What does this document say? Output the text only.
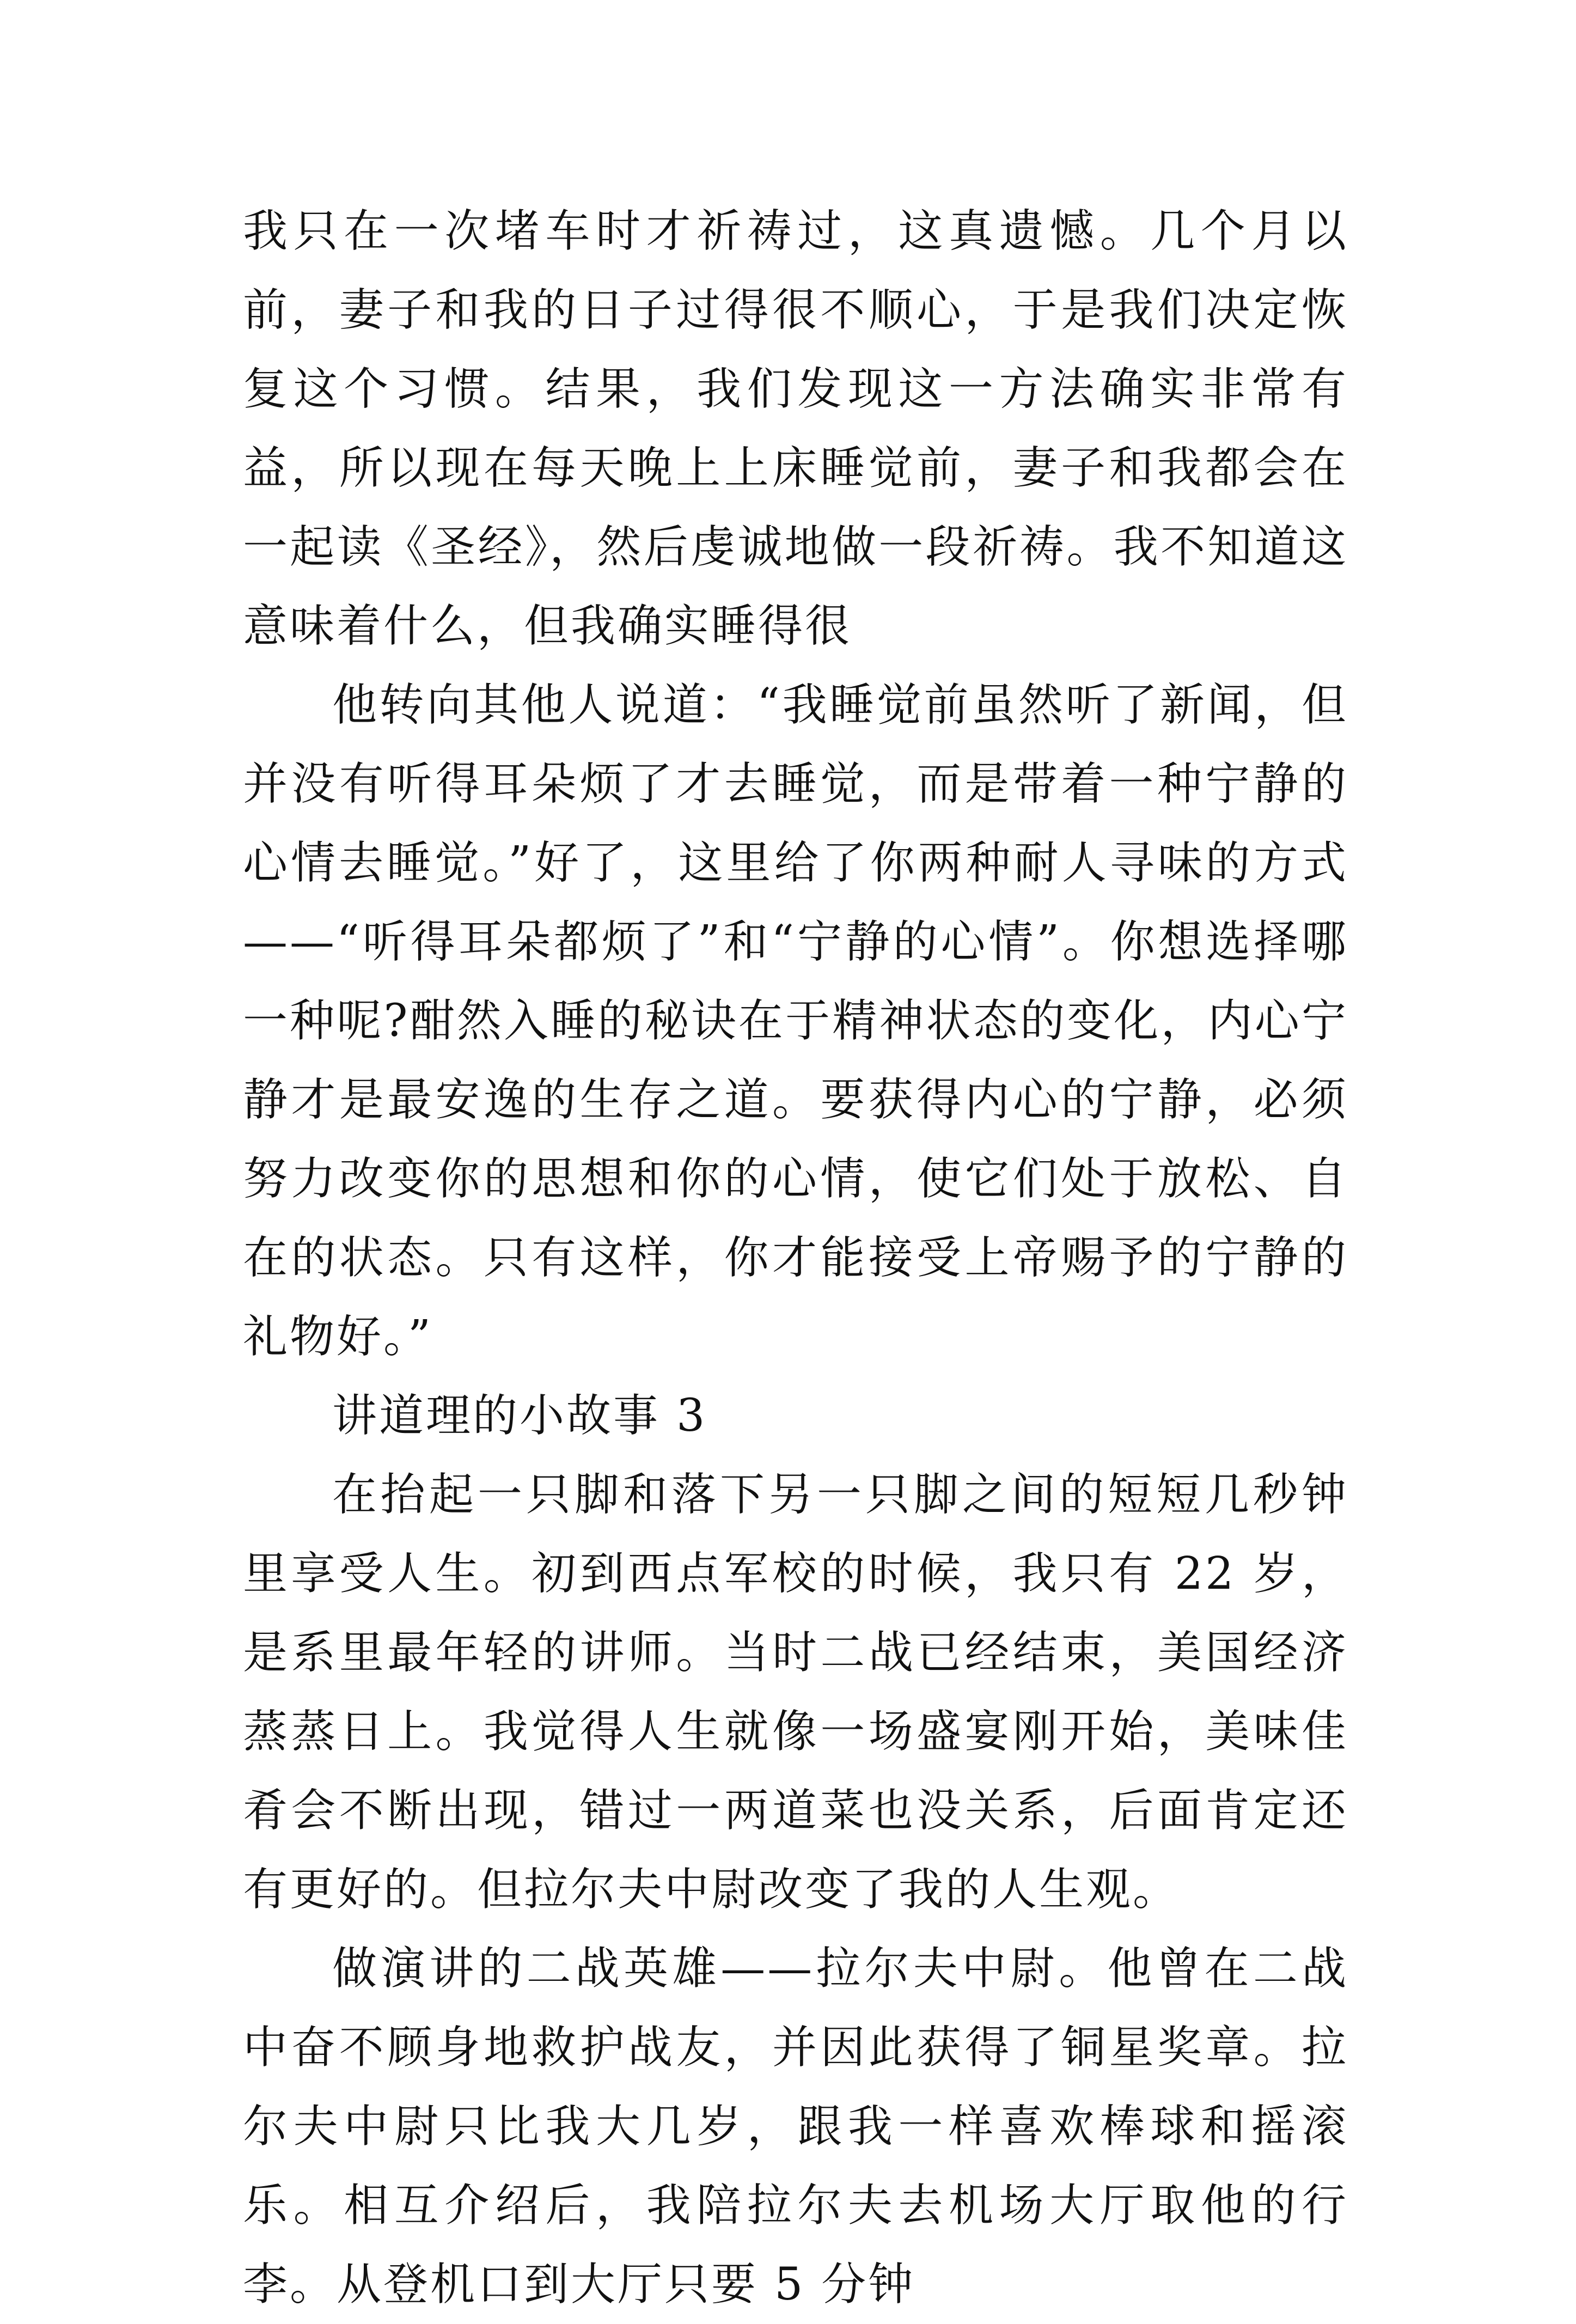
我只在一次堵车时才祈祷过，这真遗憾。几个月以前，妻子和我的日子过得很不顺心，于是我们决定恢复这个习惯。结果，我们发现这一方法确实非常有益，所以现在每天晚上上床睡觉前，妻子和我都会在一起读《圣经》，然后虔诚地做一段祈祷。我不知道这意味着什么，但我确实睡得很

他转向其他人说道：“我睡觉前虽然听了新闻，但并没有听得耳朵烦了才去睡觉，而是带着一种宁静的心情去睡觉。”好了，这里给了你两种耐人寻味的方式——“听得耳朵都烦了”和“宁静的心情”。你想选择哪一种呢?酣然入睡的秘诀在于精神状态的变化，内心宁静才是最安逸的生存之道。要获得内心的宁静，必须努力改变你的思想和你的心情，使它们处于放松、自在的状态。只有这样，你才能接受上帝赐予的宁静的礼物好。”

讲道理的小故事 3

在抬起一只脚和落下另一只脚之间的短短几秒钟里享受人生。初到西点军校的时候，我只有 22 岁，是系里最年轻的讲师。当时二战已经结束，美国经济蒸蒸日上。我觉得人生就像一场盛宴刚开始，美味佳肴会不断出现，错过一两道菜也没关系，后面肯定还有更好的。但拉尔夫中尉改变了我的人生观。

做演讲的二战英雄——拉尔夫中尉。他曾在二战中奋不顾身地救护战友，并因此获得了铜星奖章。拉尔夫中尉只比我大几岁，跟我一样喜欢棒球和摇滚乐。相互介绍后，我陪拉尔夫去机场大厅取他的行李。从登机口到大厅只要 5 分钟
